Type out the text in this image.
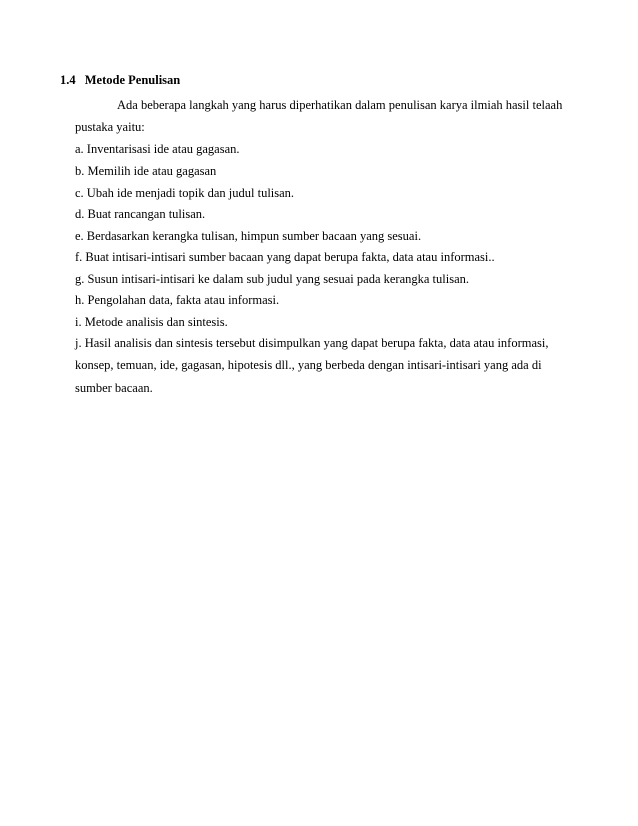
1.4 Metode Penulisan
Ada beberapa langkah yang harus diperhatikan dalam penulisan karya ilmiah hasil telaah
pustaka yaitu:
a. Inventarisasi ide atau gagasan.
b. Memilih ide atau gagasan
c. Ubah ide menjadi topik dan judul tulisan.
d. Buat rancangan tulisan.
e. Berdasarkan kerangka tulisan, himpun sumber bacaan yang sesuai.
f. Buat intisari-intisari sumber bacaan yang dapat berupa fakta, data atau informasi..
g. Susun intisari-intisari ke dalam sub judul yang sesuai pada kerangka tulisan.
h. Pengolahan data, fakta atau informasi.
i. Metode analisis dan sintesis.
j. Hasil analisis dan sintesis tersebut disimpulkan yang dapat berupa fakta, data atau informasi,
konsep, temuan, ide, gagasan, hipotesis dll., yang berbeda dengan intisari-intisari yang ada di
sumber bacaan.
